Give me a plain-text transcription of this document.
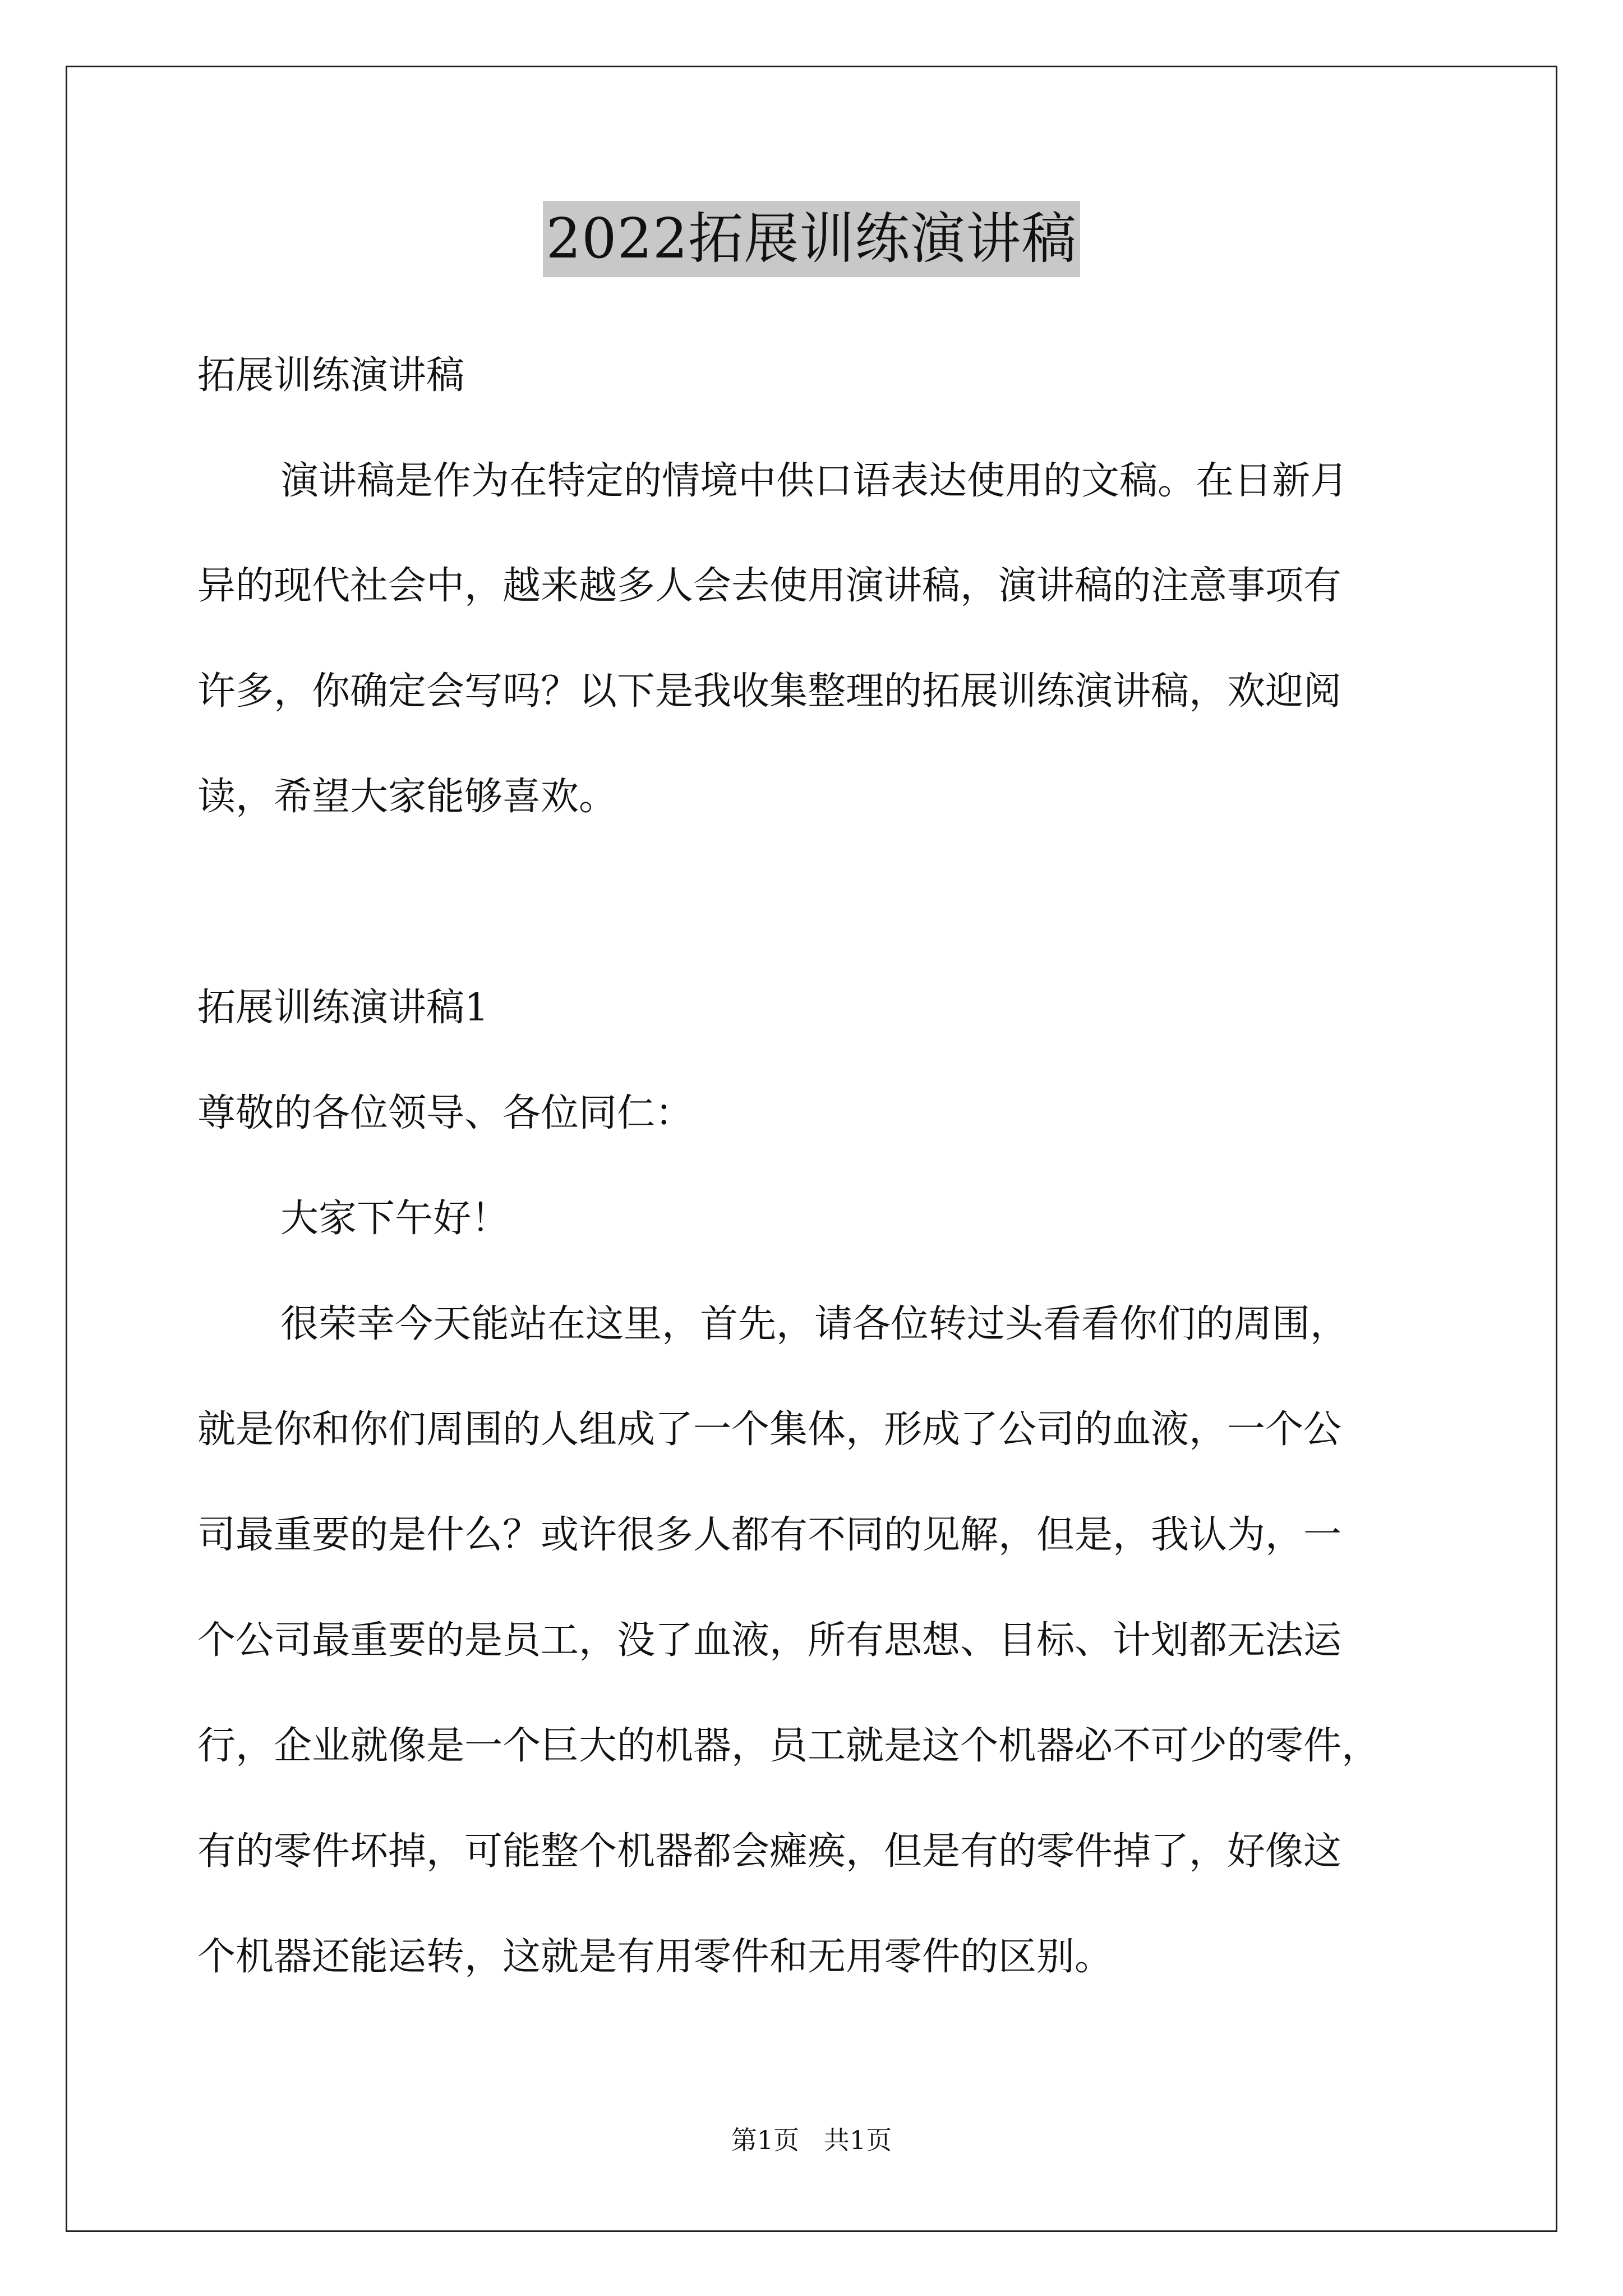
2022拓展训练演讲稿
拓展训练演讲稿
演讲稿是作为在特定的情境中供口语表达使用的文稿。在日新月
异的现代社会中，越来越多人会去使用演讲稿，演讲稿的注意事项有
许多，你确定会写吗？以下是我收集整理的拓展训练演讲稿，欢迎阅
读，希望大家能够喜欢。
拓展训练演讲稿1
尊敬的各位领导、各位同仁：
大家下午好！
很荣幸今天能站在这里，首先，请各位转过头看看你们的周围，
就是你和你们周围的人组成了一个集体，形成了公司的血液，一个公
司最重要的是什么？或许很多人都有不同的见解，但是，我认为，一
个公司最重要的是员工，没了血液，所有思想、目标、计划都无法运
行，企业就像是一个巨大的机器，员工就是这个机器必不可少的零件，
有的零件坏掉，可能整个机器都会瘫痪，但是有的零件掉了，好像这
个机器还能运转，这就是有用零件和无用零件的区别。
第1页   共1页
